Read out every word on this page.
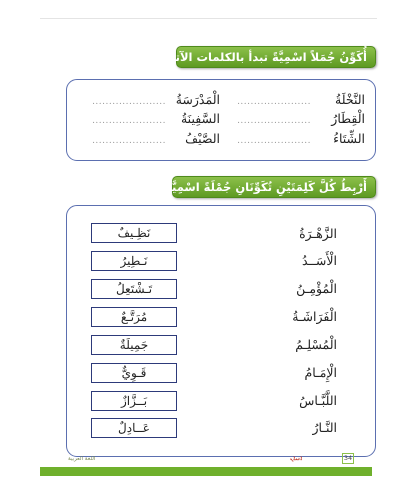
أُكَوِّنُ جُمَلاً اسْمِيَّةً تبدأ بالكلمات الآتية
النَّخْلَةُ ......................
الْمَدْرَسَةُ ......................
الْقِطَارُ ......................
السَّفِينَةُ ......................
الشِّتَاءُ ......................
الصَّيْفُ ......................
أَرْبِطُ كُلَّ كَلِمَتَيْنِ تُكَوِّنَانِ جُمْلَةً اسْمِيَّةً مُفِيدَةً
الزَّهْـرَةُ
الْأَسَــدُ
الْمُؤْمِـنُ
الْفَرَاشَـةُ
الْمُسْلِـمُ
الْإِمَـامُ
اللَّبَّـاسُ
النَّـارُ
نَظِـيفٌ
نَـطِيرُ
تَـشْتَعِلُ
مُرَتَّـعٌ
جَمِيلَةٌ
قَـوِيٌّ
بَــزَّازٌ
عَــادِلٌ
اللغة العربية	ܐܢܝܐܢ	34
